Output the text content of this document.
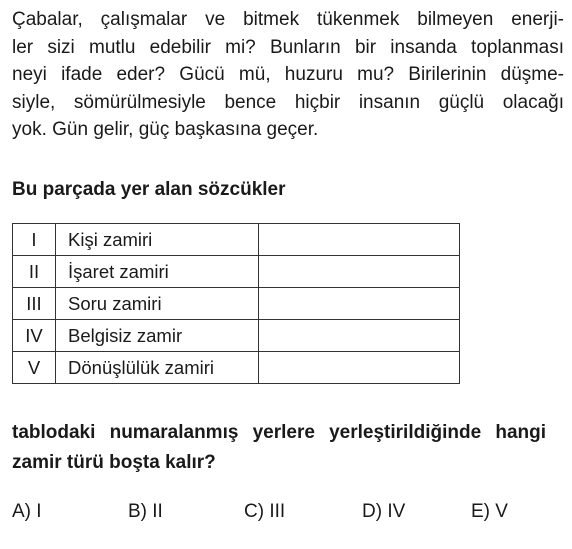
Çabalar, çalışmalar ve bitmek tükenmek bilmeyen enerji-
ler sizi mutlu edebilir mi? Bunların bir insanda toplanması
neyi ifade eder? Gücü mü, huzuru mu? Birilerinin düşme-
siyle, sömürülmesiyle bence hiçbir insanın güçlü olacağı
yok. Gün gelir, güç başkasına geçer.
Bu parçada yer alan sözcükler
I	Kişi zamiri	
II	İşaret zamiri	
III	Soru zamiri	
IV	Belgisiz zamir	
V	Dönüşlülük zamiri	
tablodaki numaralanmış yerlere yerleştirildiğinde hangi zamir türü boşta kalır?
A) I	B) II	C) III	D) IV	E) V
